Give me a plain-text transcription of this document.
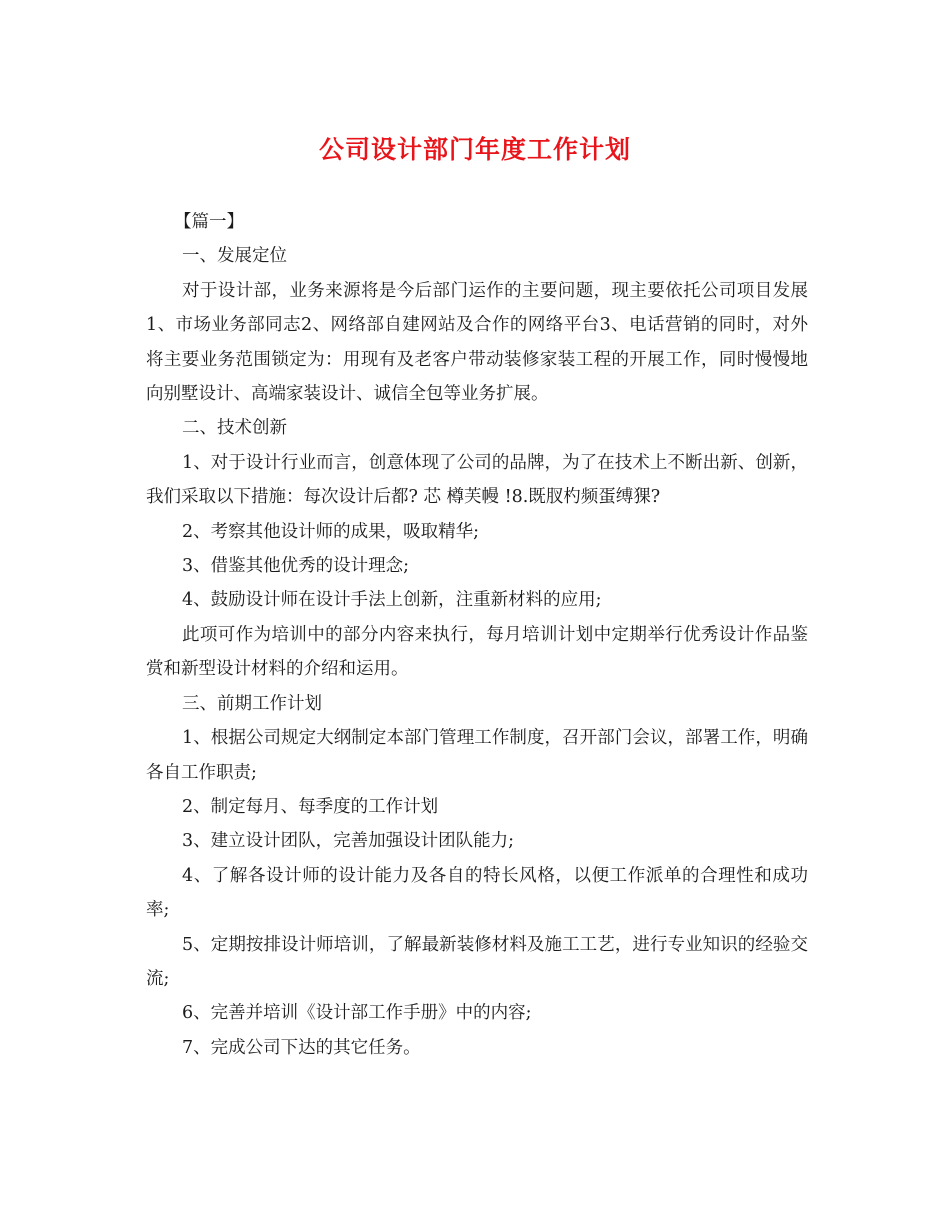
公司设计部门年度工作计划

【篇一】

一、发展定位

对于设计部，业务来源将是今后部门运作的主要问题，现主要依托公司项目发展1、市场业务部同志2、网络部自建网站及合作的网络平台3、电话营销的同时，对外将主要业务范围锁定为：用现有及老客户带动装修家装工程的开展工作，同时慢慢地向别墅设计、高端家装设计、诚信全包等业务扩展。

二、技术创新

1、对于设计行业而言，创意体现了公司的品牌，为了在技术上不断出新、创新，我们采取以下措施：每次设计后都? 芯 樽芙幔 !8.既肞杓频蛋缚猓?

2、考察其他设计师的成果，吸取精华;

3、借鉴其他优秀的设计理念;

4、鼓励设计师在设计手法上创新，注重新材料的应用;

此项可作为培训中的部分内容来执行，每月培训计划中定期举行优秀设计作品鉴赏和新型设计材料的介绍和运用。

三、前期工作计划

1、根据公司规定大纲制定本部门管理工作制度，召开部门会议，部署工作，明确各自工作职责;

2、制定每月、每季度的工作计划

3、建立设计团队，完善加强设计团队能力;

4、了解各设计师的设计能力及各自的特长风格，以便工作派单的合理性和成功率;

5、定期按排设计师培训，了解最新装修材料及施工工艺，进行专业知识的经验交流;

6、完善并培训《设计部工作手册》中的内容;

7、完成公司下达的其它任务。
